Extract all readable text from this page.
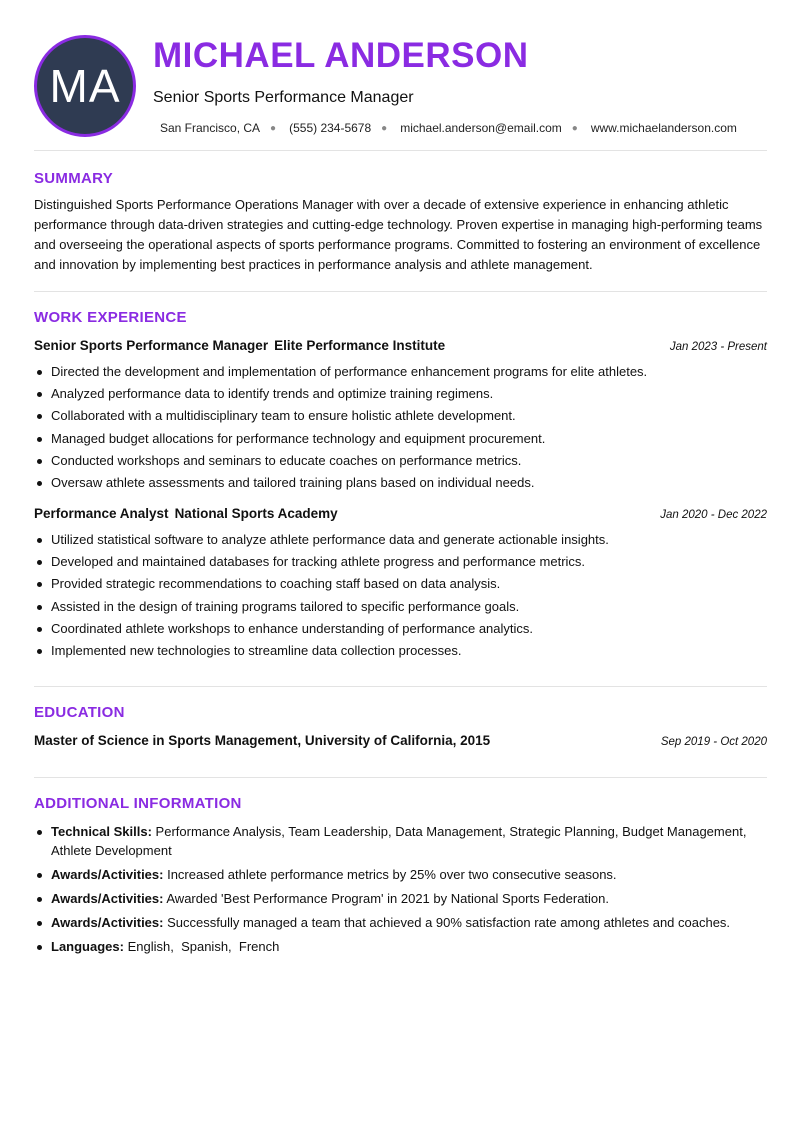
MA
MICHAEL ANDERSON
Senior Sports Performance Manager
San Francisco, CA ● (555) 234-5678 ● michael.anderson@email.com ● www.michaelanderson.com
SUMMARY
Distinguished Sports Performance Operations Manager with over a decade of extensive experience in enhancing athletic performance through data-driven strategies and cutting-edge technology. Proven expertise in managing high-performing teams and overseeing the operational aspects of sports performance programs. Committed to fostering an environment of excellence and innovation by implementing best practices in performance analysis and athlete management.
WORK EXPERIENCE
Senior Sports Performance Manager Elite Performance Institute	Jan 2023 - Present
Directed the development and implementation of performance enhancement programs for elite athletes.
Analyzed performance data to identify trends and optimize training regimens.
Collaborated with a multidisciplinary team to ensure holistic athlete development.
Managed budget allocations for performance technology and equipment procurement.
Conducted workshops and seminars to educate coaches on performance metrics.
Oversaw athlete assessments and tailored training plans based on individual needs.
Performance Analyst National Sports Academy	Jan 2020 - Dec 2022
Utilized statistical software to analyze athlete performance data and generate actionable insights.
Developed and maintained databases for tracking athlete progress and performance metrics.
Provided strategic recommendations to coaching staff based on data analysis.
Assisted in the design of training programs tailored to specific performance goals.
Coordinated athlete workshops to enhance understanding of performance analytics.
Implemented new technologies to streamline data collection processes.
EDUCATION
Master of Science in Sports Management, University of California, 2015	Sep 2019 - Oct 2020
ADDITIONAL INFORMATION
Technical Skills: Performance Analysis, Team Leadership, Data Management, Strategic Planning, Budget Management, Athlete Development
Awards/Activities: Increased athlete performance metrics by 25% over two consecutive seasons.
Awards/Activities: Awarded 'Best Performance Program' in 2021 by National Sports Federation.
Awards/Activities: Successfully managed a team that achieved a 90% satisfaction rate among athletes and coaches.
Languages: English,  Spanish,  French
